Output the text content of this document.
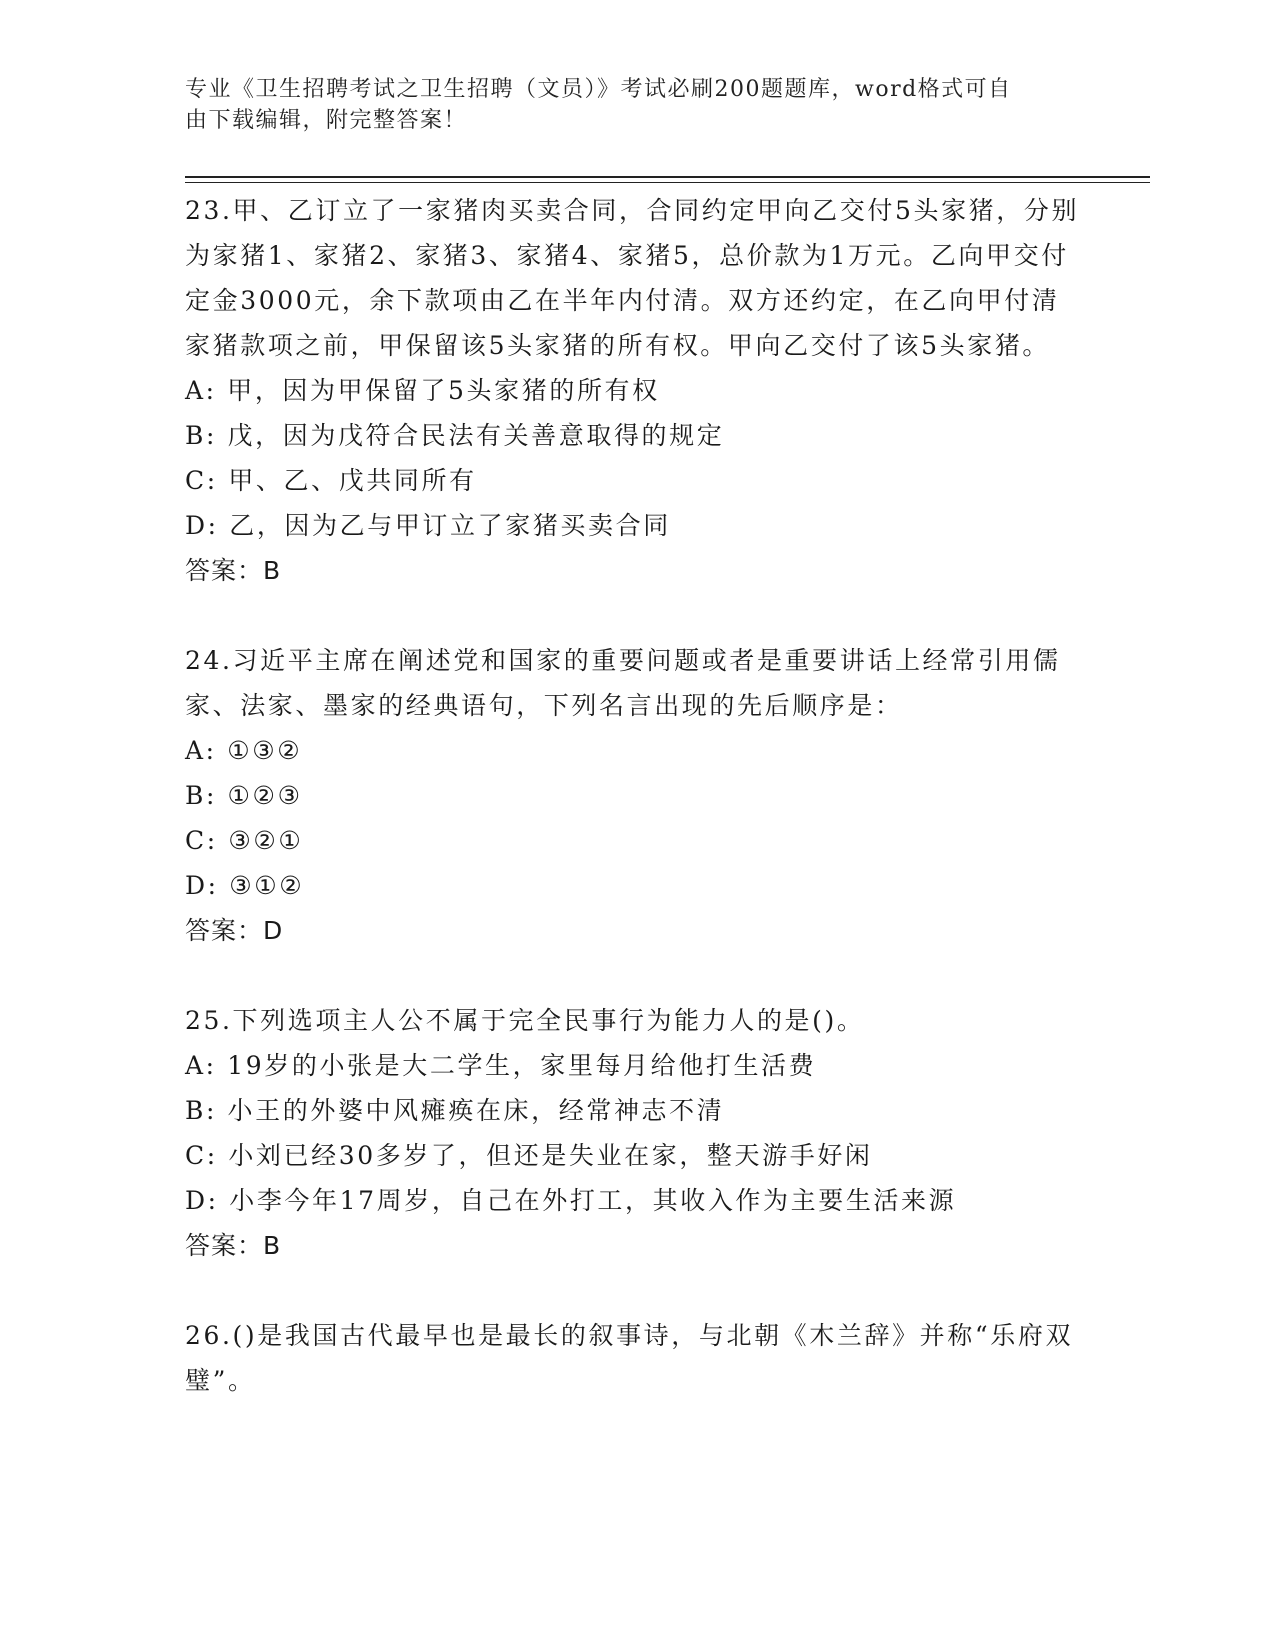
专业《卫生招聘考试之卫生招聘（文员）》考试必刷200题题库，word格式可自
由下载编辑，附完整答案！

23.甲、乙订立了一家猪肉买卖合同，合同约定甲向乙交付5头家猪，分别为家猪1、家猪2、家猪3、家猪4、家猪5，总价款为1万元。乙向甲交付定金3000元，余下款项由乙在半年内付清。双方还约定，在乙向甲付清家猪款项之前，甲保留该5头家猪的所有权。甲向乙交付了该5头家猪。

A: 甲，因为甲保留了5头家猪的所有权
B: 戊，因为戊符合民法有关善意取得的规定
C: 甲、乙、戊共同所有
D: 乙，因为乙与甲订立了家猪买卖合同

答案：B

24.习近平主席在阐述党和国家的重要问题或者是重要讲话上经常引用儒家、法家、墨家的经典语句，下列名言出现的先后顺序是：

A: ①③②
B: ①②③
C: ③②①
D: ③①②

答案：D

25.下列选项主人公不属于完全民事行为能力人的是()。

A: 19岁的小张是大二学生，家里每月给他打生活费
B: 小王的外婆中风瘫痪在床，经常神志不清
C: 小刘已经30多岁了，但还是失业在家，整天游手好闲
D: 小李今年17周岁，自己在外打工，其收入作为主要生活来源

答案：B

26.()是我国古代最早也是最长的叙事诗，与北朝《木兰辞》并称“乐府双璧”。
